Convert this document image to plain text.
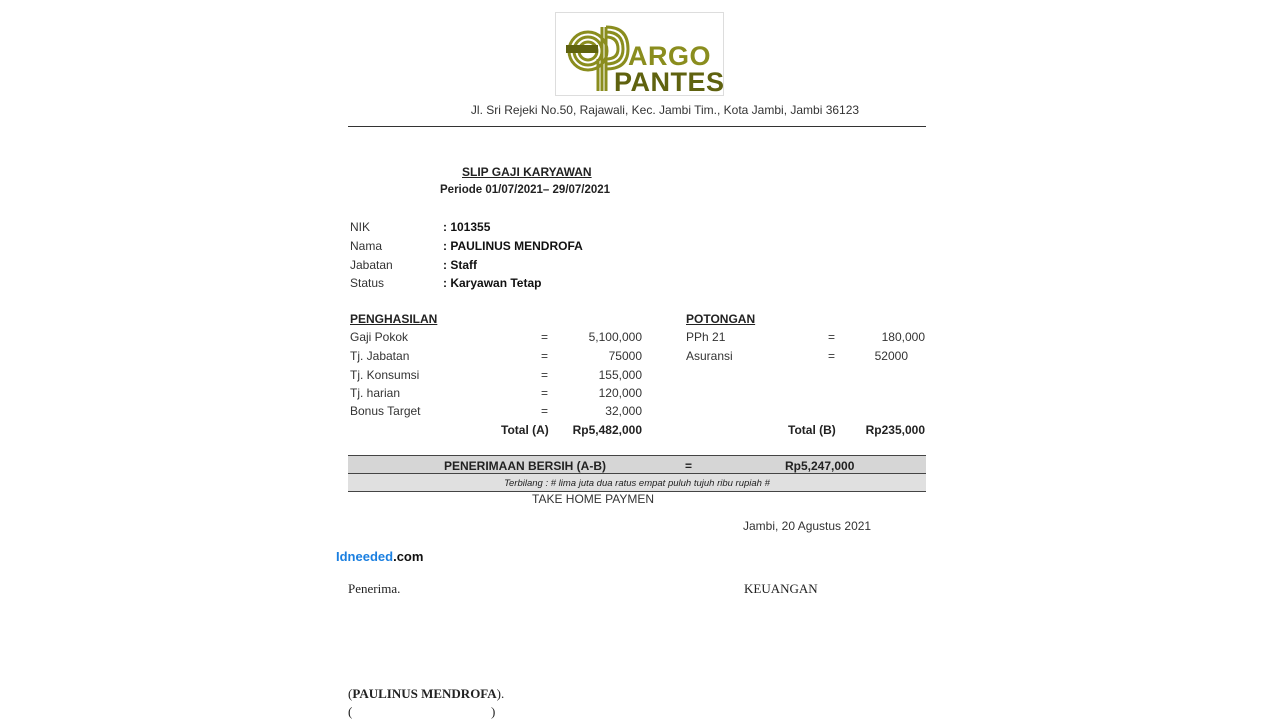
ARGO
PANTES
Jl. Sri Rejeki No.50, Rajawali, Kec. Jambi Tim., Kota Jambi, Jambi 36123
SLIP GAJI KARYAWAN
Periode 01/07/2021– 29/07/2021
NIK	: 101355
Nama	: PAULINUS MENDROFA
Jabatan	: Staff
Status	: Karyawan Tetap
PENGHASILAN
Gaji Pokok	=	5,100,000
Tj. Jabatan	=	75000
Tj. Konsumsi	=	155,000
Tj. harian	=	120,000
Bonus Target	=	32,000
Total (A)	Rp5,482,000
POTONGAN
PPh 21	=	180,000
Asuransi	=	52000
Total (B)	Rp235,000
PENERIMAAN BERSIH (A-B)	=	Rp5,247,000
Terbilang : # lima juta dua ratus empat puluh tujuh ribu rupiah #
TAKE HOME PAYMEN
Jambi, 20 Agustus 2021
Idneeded.com
Penerima.	KEUANGAN
(PAULINUS MENDROFA).
(	)
